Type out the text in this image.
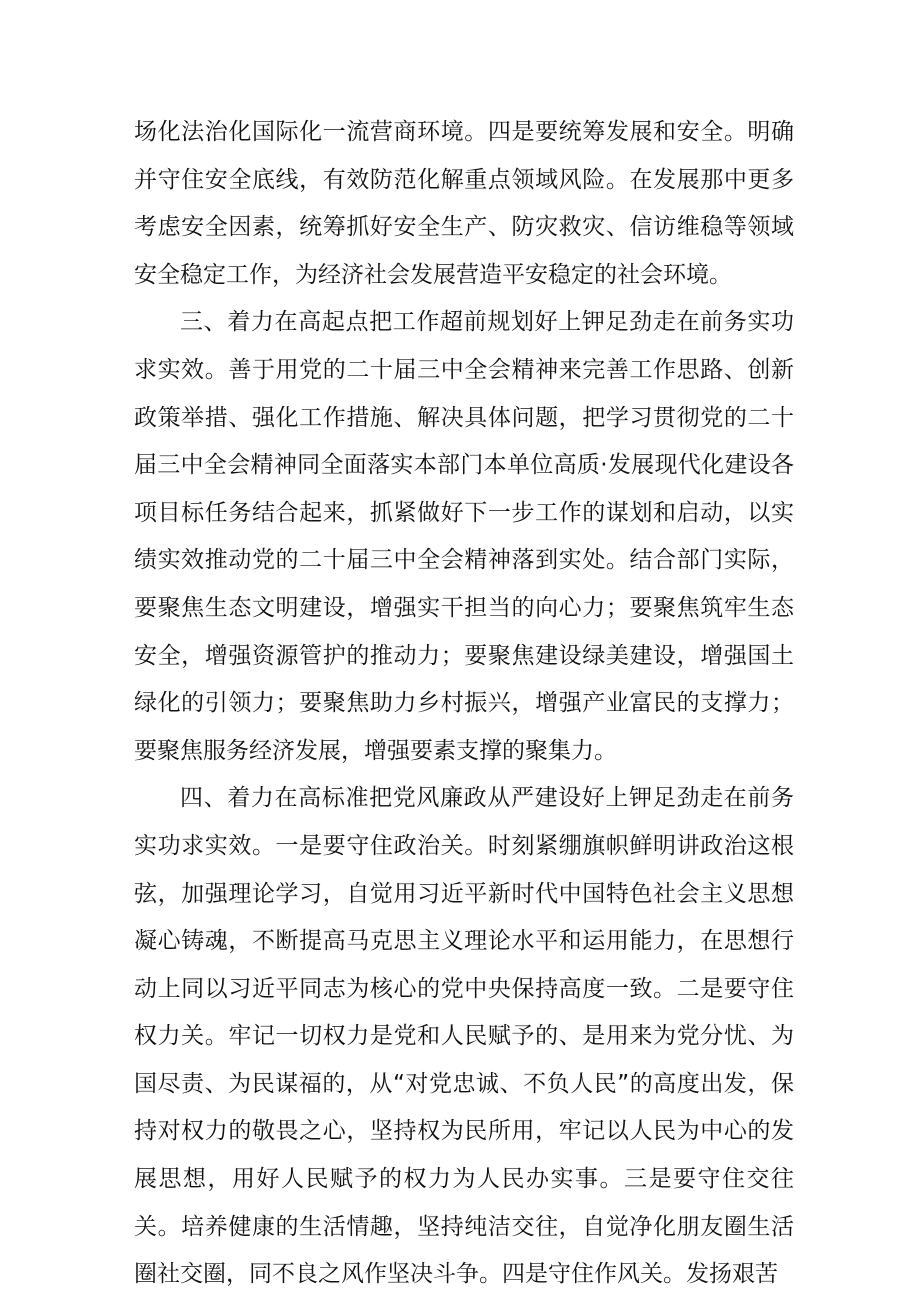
场化法治化国际化一流营商环境。四是要统筹发展和安全。明确并守住安全底线，有效防范化解重点领域风险。在发展那中更多考虑安全因素，统筹抓好安全生产、防灾救灾、信访维稳等领域安全稳定工作，为经济社会发展营造平安稳定的社会环境。

三、着力在高起点把工作超前规划好上钾足劲走在前务实功求实效。善于用党的二十届三中全会精神来完善工作思路、创新政策举措、强化工作措施、解决具体问题，把学习贯彻党的二十届三中全会精神同全面落实本部门本单位高质·发展现代化建设各项目标任务结合起来，抓紧做好下一步工作的谋划和启动，以实绩实效推动党的二十届三中全会精神落到实处。结合部门实际，要聚焦生态文明建设，增强实干担当的向心力；要聚焦筑牢生态安全，增强资源管护的推动力；要聚焦建设绿美建设，增强国土绿化的引领力；要聚焦助力乡村振兴，增强产业富民的支撑力；要聚焦服务经济发展，增强要素支撑的聚集力。

四、着力在高标准把党风廉政从严建设好上钾足劲走在前务实功求实效。一是要守住政治关。时刻紧绷旗帜鲜明讲政治这根弦，加强理论学习，自觉用习近平新时代中国特色社会主义思想凝心铸魂，不断提高马克思主义理论水平和运用能力，在思想行动上同以习近平同志为核心的党中央保持高度一致。二是要守住权力关。牢记一切权力是党和人民赋予的、是用来为党分忧、为国尽责、为民谋福的，从“对党忠诚、不负人民”的高度出发，保持对权力的敬畏之心，坚持权为民所用，牢记以人民为中心的发展思想，用好人民赋予的权力为人民办实事。三是要守住交往关。培养健康的生活情趣，坚持纯洁交往，自觉净化朋友圈生活圈社交圈，同不良之风作坚决斗争。四是守住作风关。发扬艰苦
